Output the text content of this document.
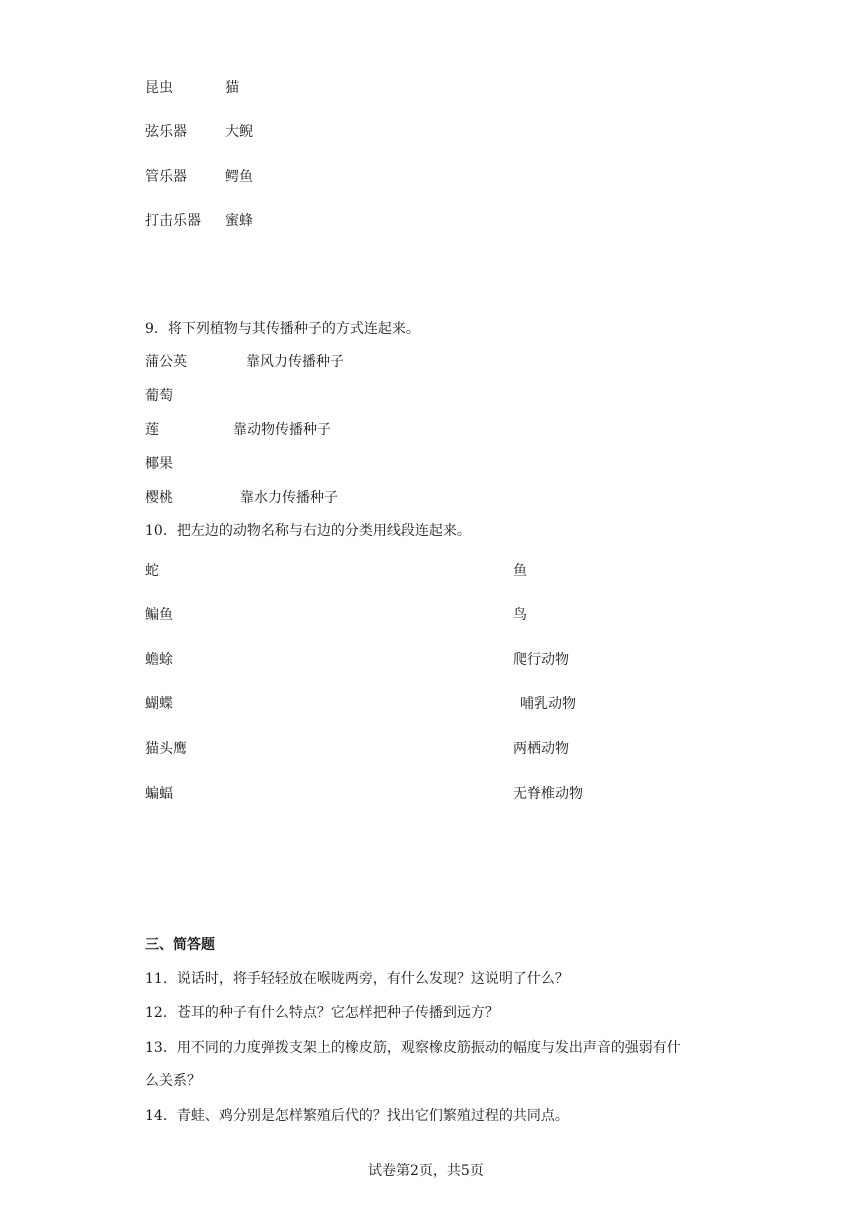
昆虫	猫
弦乐器	大鲵
管乐器	鳄鱼
打击乐器 蜜蜂
9．将下列植物与其传播种子的方式连起来。
蒲公英	靠风力传播种子
葡萄
莲	靠动物传播种子
椰果
樱桃	靠水力传播种子
10．把左边的动物名称与右边的分类用线段连起来。
蛇	鱼
鳊鱼	鸟
蟾蜍	爬行动物
蝴蝶	哺乳动物
猫头鹰	两栖动物
蝙蝠	无脊椎动物
三、简答题
11．说话时，将手轻轻放在喉咙两旁，有什么发现？这说明了什么？
12．苍耳的种子有什么特点？它怎样把种子传播到远方？
13．用不同的力度弹拨支架上的橡皮筋，观察橡皮筋振动的幅度与发出声音的强弱有什
么关系？
14．青蛙、鸡分别是怎样繁殖后代的？找出它们繁殖过程的共同点。
试卷第2页，共5页
